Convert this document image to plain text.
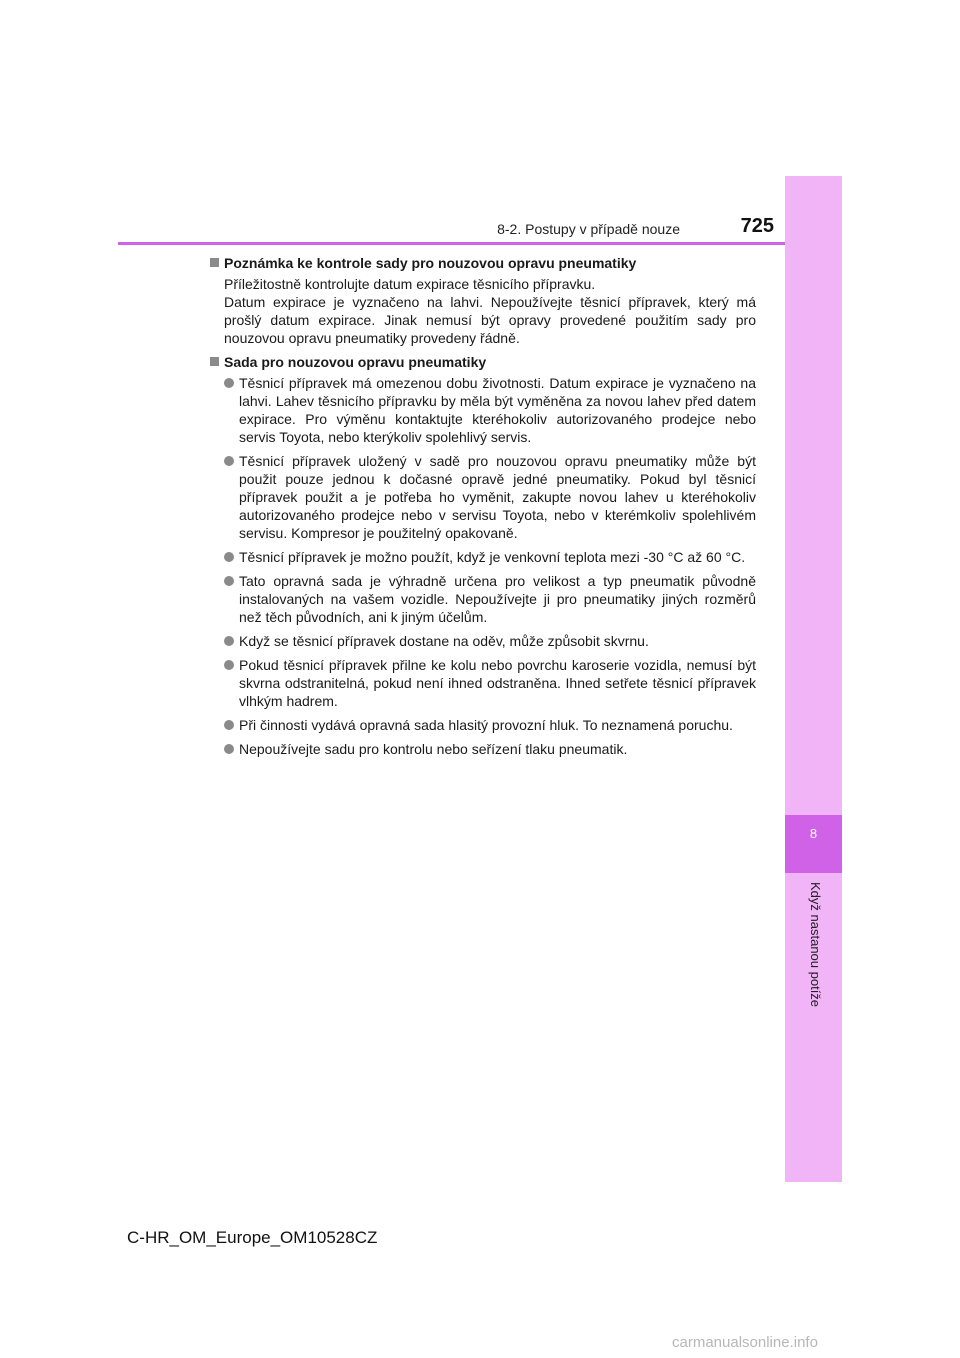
8
Když nastanou potíže
8-2. Postupy v případě nouze	725
Poznámka ke kontrole sady pro nouzovou opravu pneumatiky
Příležitostně kontrolujte datum expirace těsnicího přípravku.
Datum expirace je vyznačeno na lahvi. Nepoužívejte těsnicí přípravek, který má prošlý datum expirace. Jinak nemusí být opravy provedené použitím sady pro nouzovou opravu pneumatiky provedeny řádně.
Sada pro nouzovou opravu pneumatiky
Těsnicí přípravek má omezenou dobu životnosti. Datum expirace je vyznačeno na lahvi. Lahev těsnicího přípravku by měla být vyměněna za novou lahev před datem expirace. Pro výměnu kontaktujte kteréhokoliv autorizovaného prodejce nebo servis Toyota, nebo kterýkoliv spolehlivý servis.
Těsnicí přípravek uložený v sadě pro nouzovou opravu pneumatiky může být použit pouze jednou k dočasné opravě jedné pneumatiky. Pokud byl těsnicí přípravek použit a je potřeba ho vyměnit, zakupte novou lahev u kteréhokoliv autorizovaného prodejce nebo v servisu Toyota, nebo v kterémkoliv spolehlivém servisu. Kompresor je použitelný opakovaně.
Těsnicí přípravek je možno použít, když je venkovní teplota mezi -30 °C až 60 °C.
Tato opravná sada je výhradně určena pro velikost a typ pneumatik původně instalovaných na vašem vozidle. Nepoužívejte ji pro pneumatiky jiných rozměrů než těch původních, ani k jiným účelům.
Když se těsnicí přípravek dostane na oděv, může způsobit skvrnu.
Pokud těsnicí přípravek přilne ke kolu nebo povrchu karoserie vozidla, nemusí být skvrna odstranitelná, pokud není ihned odstraněna. Ihned setřete těsnicí přípravek vlhkým hadrem.
Při činnosti vydává opravná sada hlasitý provozní hluk. To neznamená poruchu.
Nepoužívejte sadu pro kontrolu nebo seřízení tlaku pneumatik.
C-HR_OM_Europe_OM10528CZ
carmanualsonline.info
